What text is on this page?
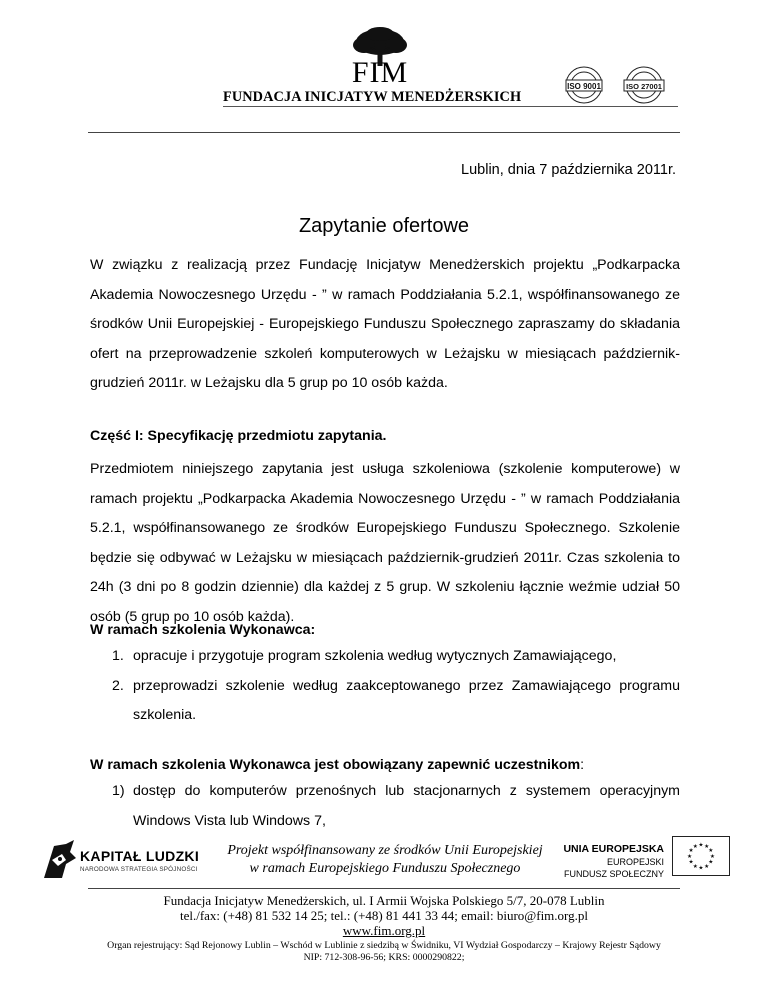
FIM
FUNDACJA INICJATYW MENEDŻERSKICH
ISO 9001	ISO 27001
Lublin, dnia 7 października 2011r.
Zapytanie ofertowe
W związku z realizacją przez Fundację Inicjatyw Menedżerskich projektu „Podkarpacka Akademia Nowoczesnego Urzędu - ” w ramach Poddziałania 5.2.1, współfinansowanego ze środków Unii Europejskiej - Europejskiego Funduszu Społecznego zapraszamy do składania ofert na przeprowadzenie szkoleń komputerowych w Leżajsku w miesiącach październik-grudzień 2011r. w Leżajsku dla 5 grup po 10 osób każda.
Część I: Specyfikację przedmiotu zapytania.
Przedmiotem niniejszego zapytania jest usługa szkoleniowa (szkolenie komputerowe) w ramach projektu „Podkarpacka Akademia Nowoczesnego Urzędu - ” w ramach Poddziałania 5.2.1, współfinansowanego ze środków Europejskiego Funduszu Społecznego. Szkolenie będzie się odbywać w Leżajsku w miesiącach październik-grudzień 2011r. Czas szkolenia to 24h (3 dni po 8 godzin dziennie) dla każdej z 5 grup. W szkoleniu łącznie weźmie udział 50 osób (5 grup po 10 osób każda).
W ramach szkolenia Wykonawca:
1. opracuje i przygotuje program szkolenia według wytycznych Zamawiającego,
2. przeprowadzi szkolenie według zaakceptowanego przez Zamawiającego programu szkolenia.
W ramach szkolenia Wykonawca jest obowiązany zapewnić uczestnikom:
1) dostęp do komputerów przenośnych lub stacjonarnych z systemem operacyjnym Windows Vista lub Windows 7,
KAPITAŁ LUDZKI
NARODOWA STRATEGIA SPÓJNOŚCI
Projekt współfinansowany ze środków Unii Europejskiej
w ramach Europejskiego Funduszu Społecznego
UNIA EUROPEJSKA
EUROPEJSKI
FUNDUSZ SPOŁECZNY
★
★
★
★
★
★
★
★
★ ★ ★
★
Fundacja Inicjatyw Menedżerskich, ul. I Armii Wojska Polskiego 5/7, 20-078 Lublin
tel./fax: (+48) 81 532 14 25; tel.: (+48) 81 441 33 44; email: biuro@fim.org.pl
www.fim.org.pl
Organ rejestrujący: Sąd Rejonowy Lublin – Wschód w Lublinie z siedzibą w Świdniku, VI Wydział Gospodarczy – Krajowy Rejestr Sądowy
NIP: 712-308-96-56; KRS: 0000290822;
